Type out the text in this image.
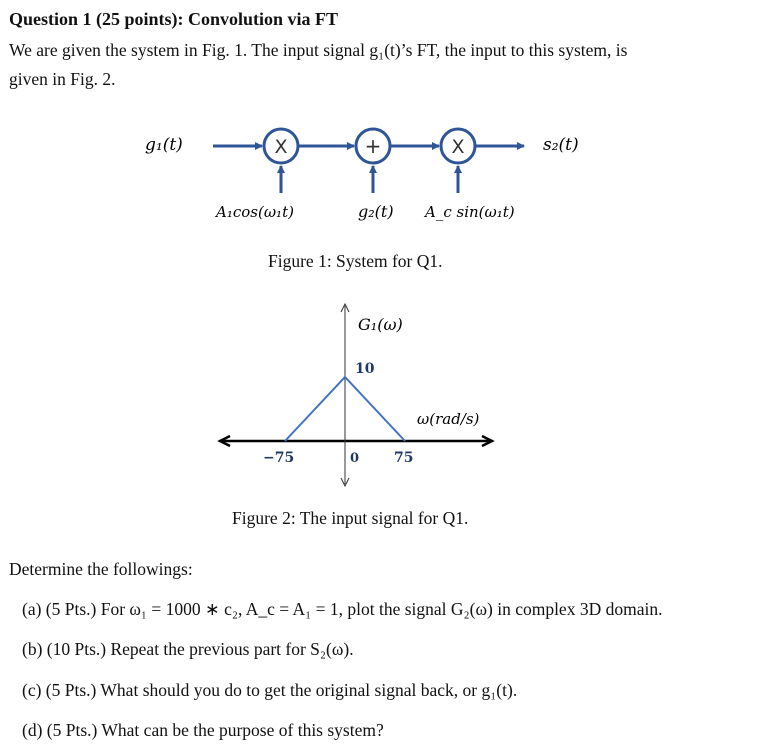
Question 1 (25 points): Convolution via FT
We are given the system in Fig. 1. The input signal g₁(t)’s FT, the input to this system, is
given in Fig. 2.
g₁(t)	X	+	X	s₂(t)
A₁cos(ω₁t)	g₂(t) A_c sin(ω₁t)
G₁(ω)
10
ω(rad/s)
−75	0 75
Figure 1: System for Q1.
Figure 2: The input signal for Q1.
Determine the followings:
(a) (5 Pts.) For ω₁ = 1000 ∗ c₂, A_c = A₁ = 1, plot the signal G₂(ω) in complex 3D domain.
(b) (10 Pts.) Repeat the previous part for S₂(ω).
(c) (5 Pts.) What should you do to get the original signal back, or g₁(t).
(d) (5 Pts.) What can be the purpose of this system?
